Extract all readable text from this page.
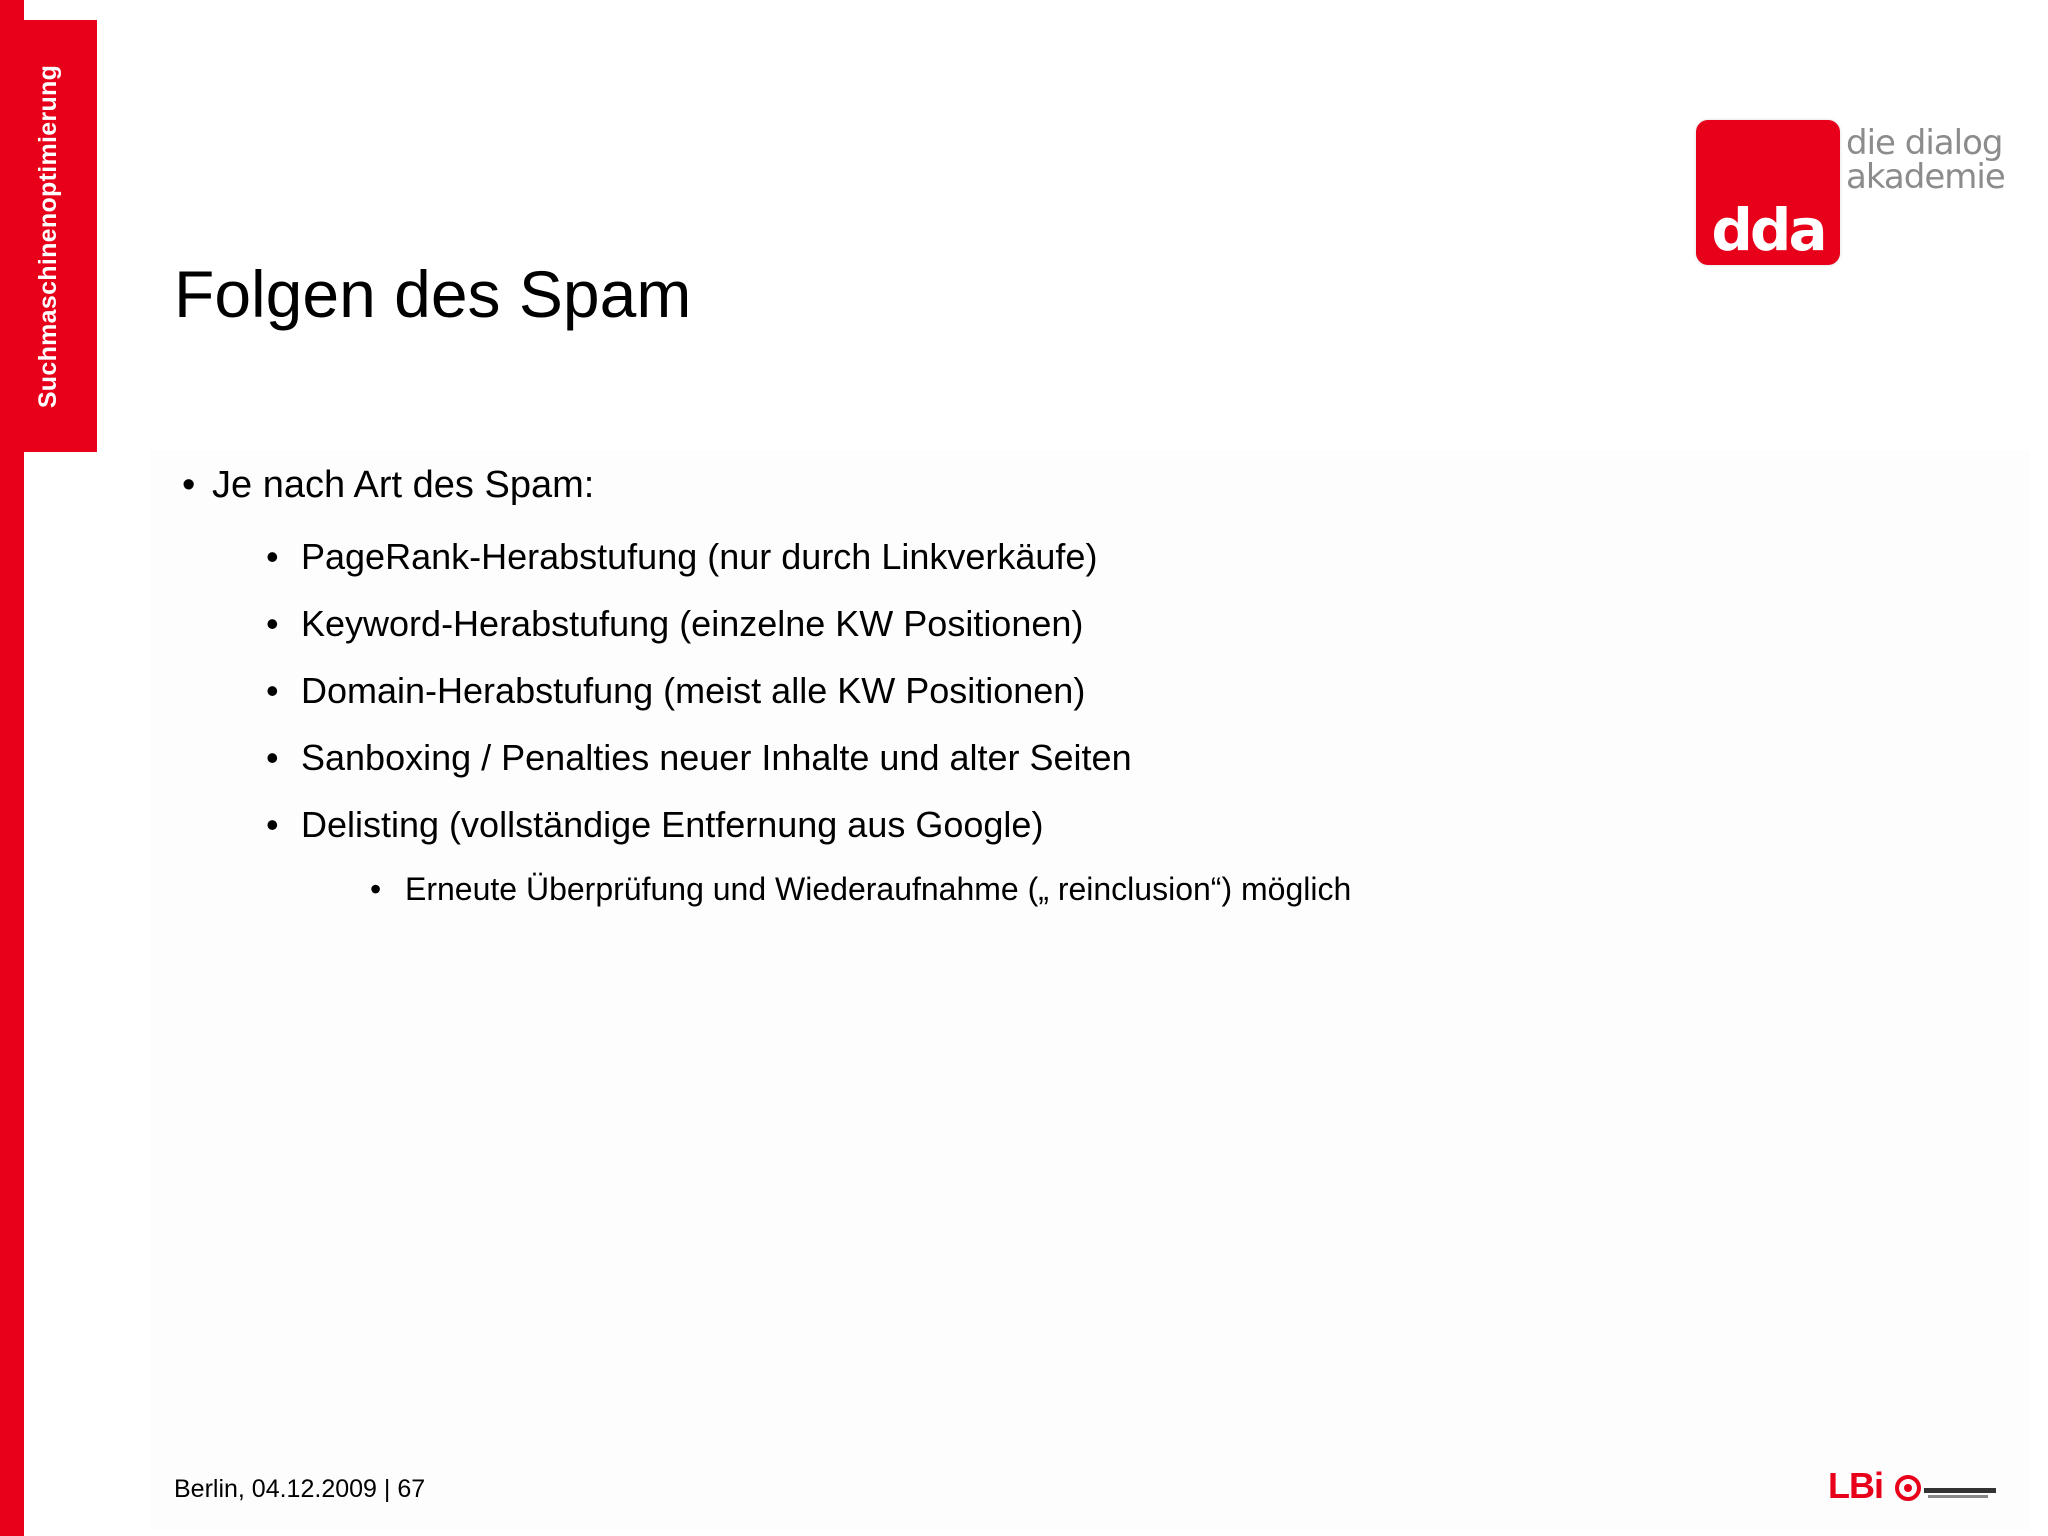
Suchmaschinenoptimierung Folgen des Spam
dda
die dialog
akademie
• Je nach Art des Spam:
• PageRank-Herabstufung (nur durch Linkverkäufe)
• Keyword-Herabstufung (einzelne KW Positionen)
• Domain-Herabstufung (meist alle KW Positionen)
• Sanboxing / Penalties neuer Inhalte und alter Seiten
• Delisting (vollständige Entfernung aus Google)
• Erneute Überprüfung und Wiederaufnahme („ reinclusion“) möglich
Berlin, 04.12.2009 | 67	LBi
